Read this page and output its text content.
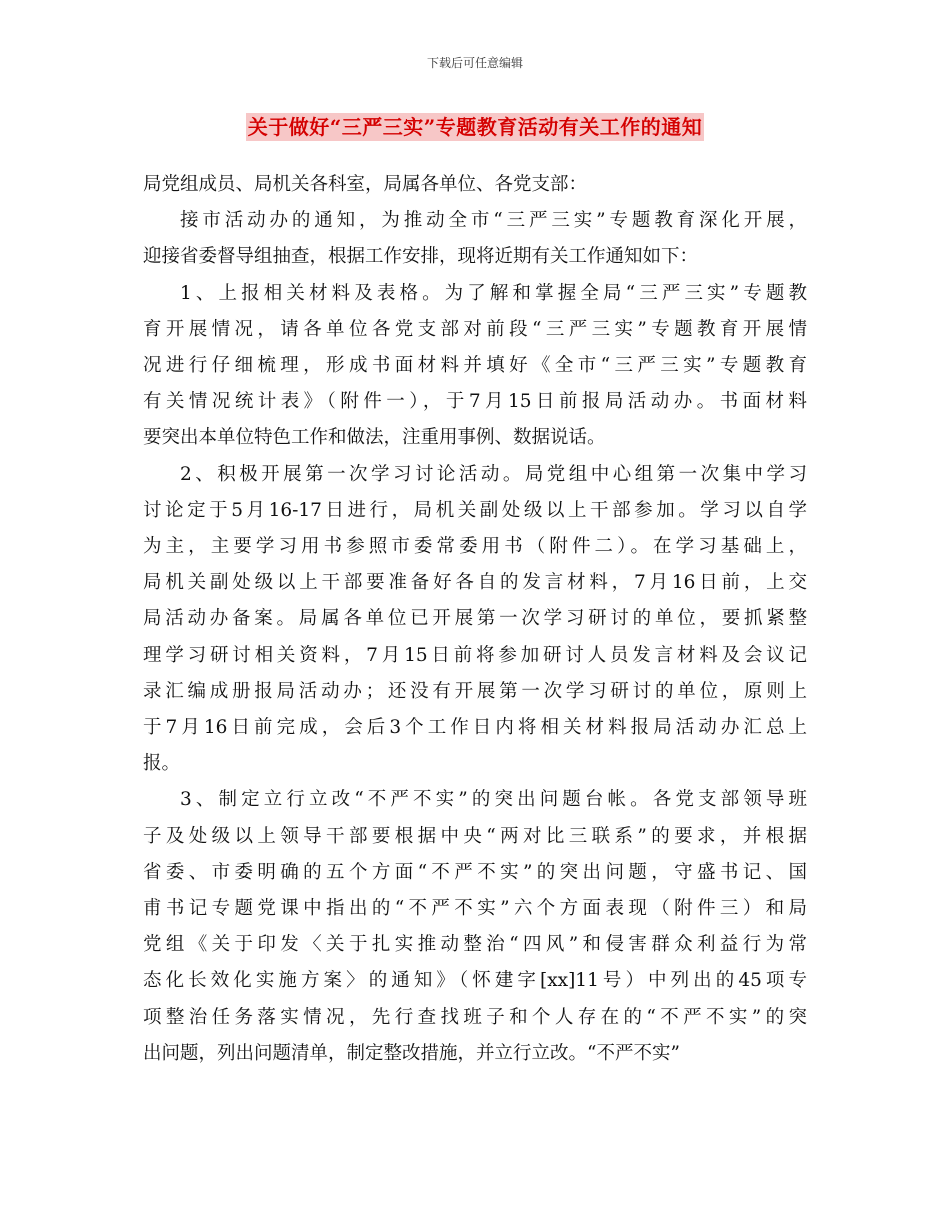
下载后可任意编辑
关于做好“三严三实”专题教育活动有关工作的通知

局党组成员、局机关各科室，局属各单位、各党支部：

接市活动办的通知，为推动全市“三严三实”专题教育深化开展，
迎接省委督导组抽查，根据工作安排，现将近期有关工作通知如下：

1、上报相关材料及表格。为了解和掌握全局“三严三实”专题教
育开展情况，请各单位各党支部对前段“三严三实”专题教育开展情
况进行仔细梳理，形成书面材料并填好《全市“三严三实”专题教育
有关情况统计表》（附件一），于7月15日前报局活动办。书面材料
要突出本单位特色工作和做法，注重用事例、数据说话。

2、积极开展第一次学习讨论活动。局党组中心组第一次集中学习
讨论定于5月16-17日进行，局机关副处级以上干部参加。学习以自学
为主，主要学习用书参照市委常委用书（附件二）。在学习基础上，
局机关副处级以上干部要准备好各自的发言材料，7月16日前，上交
局活动办备案。局属各单位已开展第一次学习研讨的单位，要抓紧整
理学习研讨相关资料，7月15日前将参加研讨人员发言材料及会议记
录汇编成册报局活动办；还没有开展第一次学习研讨的单位，原则上
于7月16日前完成，会后3个工作日内将相关材料报局活动办汇总上
报。

3、制定立行立改“不严不实”的突出问题台帐。各党支部领导班
子及处级以上领导干部要根据中央“两对比三联系”的要求，并根据
省委、市委明确的五个方面“不严不实”的突出问题，守盛书记、国
甫书记专题党课中指出的“不严不实”六个方面表现（附件三）和局
党组《关于印发〈关于扎实推动整治“四风”和侵害群众利益行为常
态化长效化实施方案〉的通知》（怀建字[xx]11号）中列出的45项专
项整治任务落实情况，先行查找班子和个人存在的“不严不实”的突
出问题，列出问题清单，制定整改措施，并立行立改。“不严不实”
